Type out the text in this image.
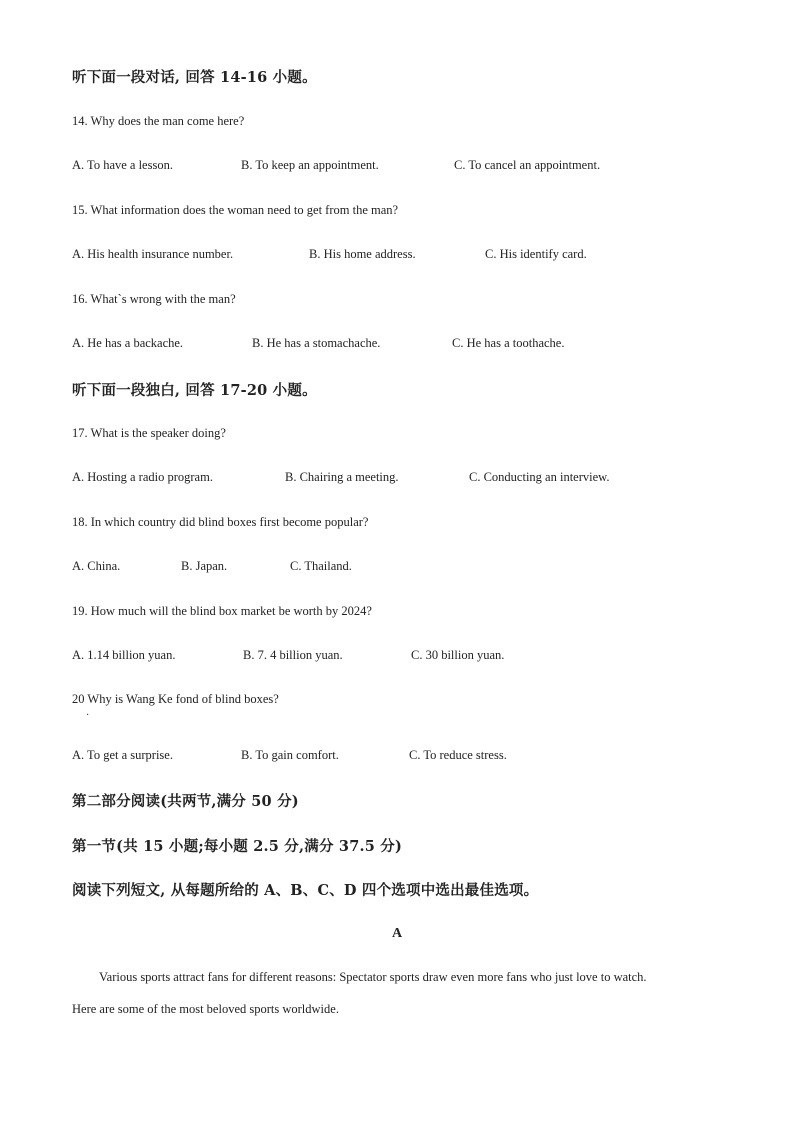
听下面一段对话, 回答 14-16 小题。
14. Why does the man come here?
A. To have a lesson.	B. To keep an appointment.	C. To cancel an appointment.
15. What information does the woman need to get from the man?
A. His health insurance number.	B. His home address.	C. His identify card.
16. What`s wrong with the man?
A. He has a backache.	B. He has a stomachache.	C. He has a toothache.
听下面一段独白, 回答 17-20 小题。
17. What is the speaker doing?
A. Hosting a radio program.	B. Chairing a meeting.	C. Conducting an interview.
18. In which country did blind boxes first become popular?
A. China.	B. Japan.	C. Thailand.
19. How much will the blind box market be worth by 2024?
A. 1.14 billion yuan.	B. 7. 4 billion yuan.	C. 30 billion yuan.
20 Why is Wang Ke fond of blind boxes?
·
A. To get a surprise.	B. To gain comfort.	C. To reduce stress.
第二部分阅读(共两节,满分 50 分)
第一节(共 15 小题;每小题 2.5 分,满分 37.5 分)
阅读下列短文, 从每题所给的 A、B、C、D 四个选项中选出最佳选项。
A
Various sports attract fans for different reasons: Spectator sports draw even more fans who just love to watch.
Here are some of the most beloved sports worldwide.
